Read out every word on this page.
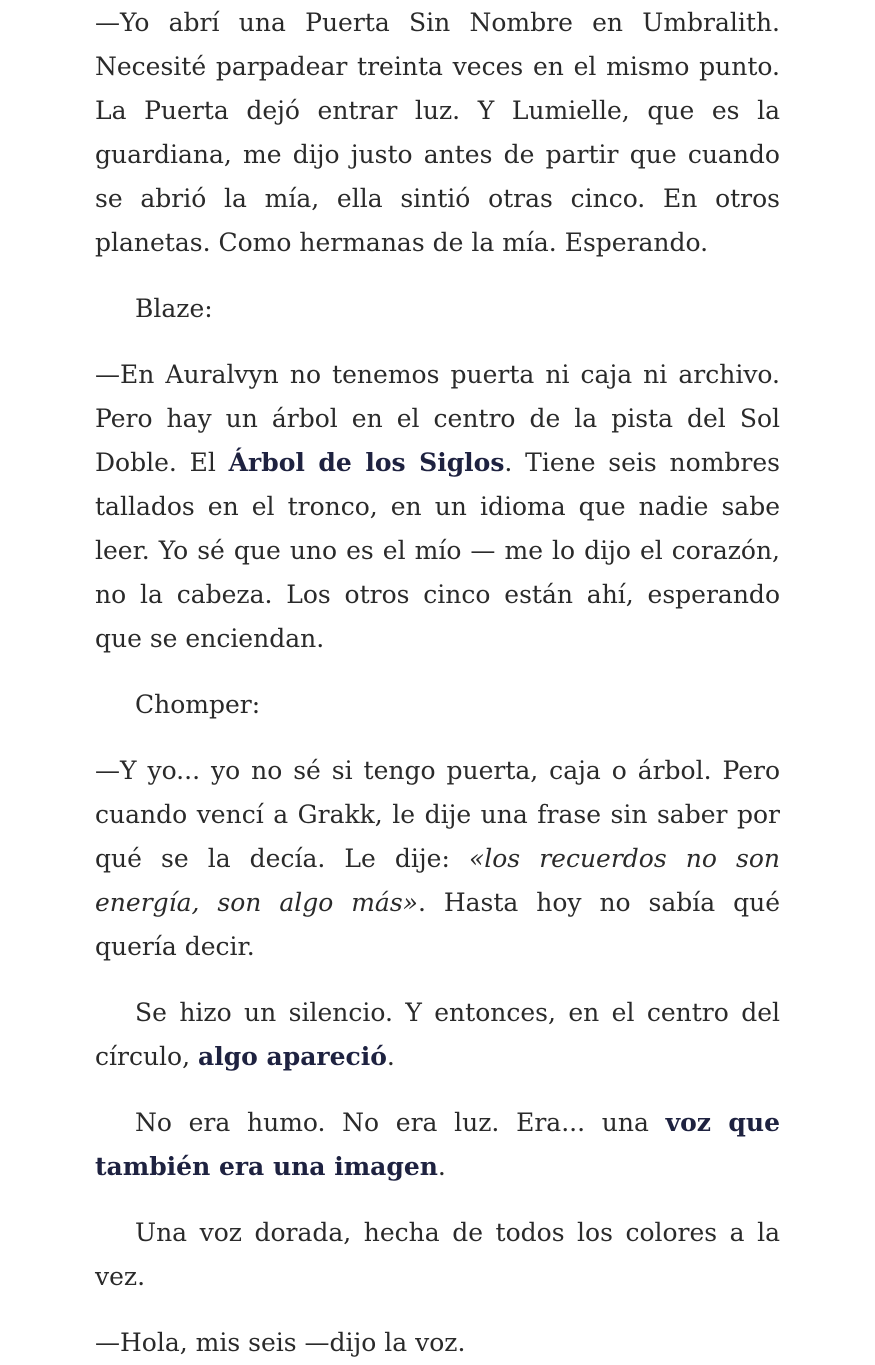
—Yo abrí una Puerta Sin Nombre en Umbralith. Necesité parpadear treinta veces en el mismo punto. La Puerta dejó entrar luz. Y Lumielle, que es la guardiana, me dijo justo antes de partir que cuando se abrió la mía, ella sintió otras cinco. En otros planetas. Como hermanas de la mía. Esperando.

Blaze:

—En Auralvyn no tenemos puerta ni caja ni archivo. Pero hay un árbol en el centro de la pista del Sol Doble. El Árbol de los Siglos. Tiene seis nombres tallados en el tronco, en un idioma que nadie sabe leer. Yo sé que uno es el mío — me lo dijo el corazón, no la cabeza. Los otros cinco están ahí, esperando que se enciendan.

Chomper:

—Y yo... yo no sé si tengo puerta, caja o árbol. Pero cuando vencí a Grakk, le dije una frase sin saber por qué se la decía. Le dije: «los recuerdos no son energía, son algo más». Hasta hoy no sabía qué quería decir.

Se hizo un silencio. Y entonces, en el centro del círculo, algo apareció.

No era humo. No era luz. Era... una voz que también era una imagen.

Una voz dorada, hecha de todos los colores a la vez.

—Hola, mis seis —dijo la voz.
